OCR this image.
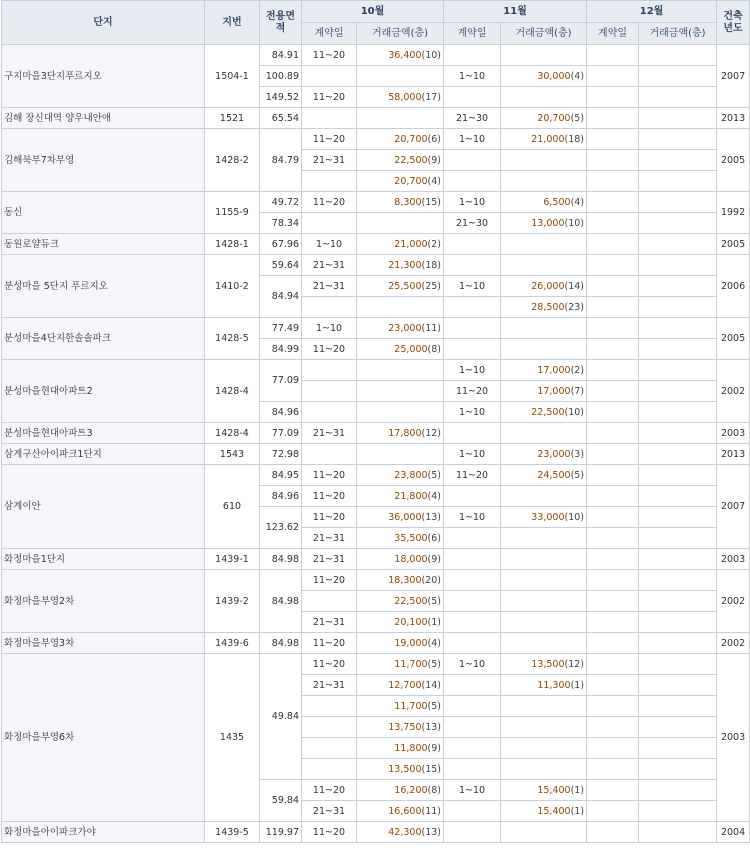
단지	지번	전용면적	10월		11월		12월		건축년도
			계약일	거래금액(층)	계약일	거래금액(층)	계약일	거래금액(층)	
구지마을3단지푸르지오	1504-1	84.91	11~20	36,400(10)					2007
		100.89			1~10	30,000(4)			
		149.52	11~20	58,000(17)					
김해 장신대역 양우내안애	1521	65.54			21~30	20,700(5)			2013
김해북부7차부영	1428-2	84.79	11~20	20,700(6)	1~10	21,000(18)			2005
			21~31	22,500(9)					
				20,700(4)					
동신	1155-9	49.72	11~20	8,300(15)	1~10	6,500(4)			1992
		78.34			21~30	13,000(10)			
동원로얄듀크	1428-1	67.96	1~10	21,000(2)					2005
분성마을 5단지 푸르지오	1410-2	59.64	21~31	21,300(18)					2006
		84.94	21~31	25,500(25)	1~10	26,000(14)			
						28,500(23)			
분성마을4단지한솔솔파크	1428-5	77.49	1~10	23,000(11)					2005
		84.99	11~20	25,000(8)					
분성마을현대아파트2	1428-4	77.09			1~10	17,000(2)			2002
					11~20	17,000(7)			
		84.96			1~10	22,500(10)			
분성마을현대아파트3	1428-4	77.09	21~31	17,800(12)					2003
삼계구산아이파크1단지	1543	72.98			1~10	23,000(3)			2013
삼계이안	610	84.95	11~20	23,800(5)	11~20	24,500(5)			2007
		84.96	11~20	21,800(4)					
		123.62	11~20	36,000(13)	1~10	33,000(10)			
			21~31	35,500(6)					
화정마을1단지	1439-1	84.98	21~31	18,000(9)					2003
화정마을부영2차	1439-2	84.98	11~20	18,300(20)					2002
				22,500(5)					
			21~31	20,100(1)					
화정마을부영3차	1439-6	84.98	11~20	19,000(4)					2002
화정마을부영6차	1435	49.84	11~20	11,700(5)	1~10	13,500(12)			2003
			21~31	12,700(14)		11,300(1)			
				11,700(5)					
				13,750(13)					
				11,800(9)					
				13,500(15)					
		59.84	11~20	16,200(8)	1~10	15,400(1)			
			21~31	16,600(11)		15,400(1)			
화정마을아이파크가야	1439-5	119.97	11~20	42,300(13)					2004
